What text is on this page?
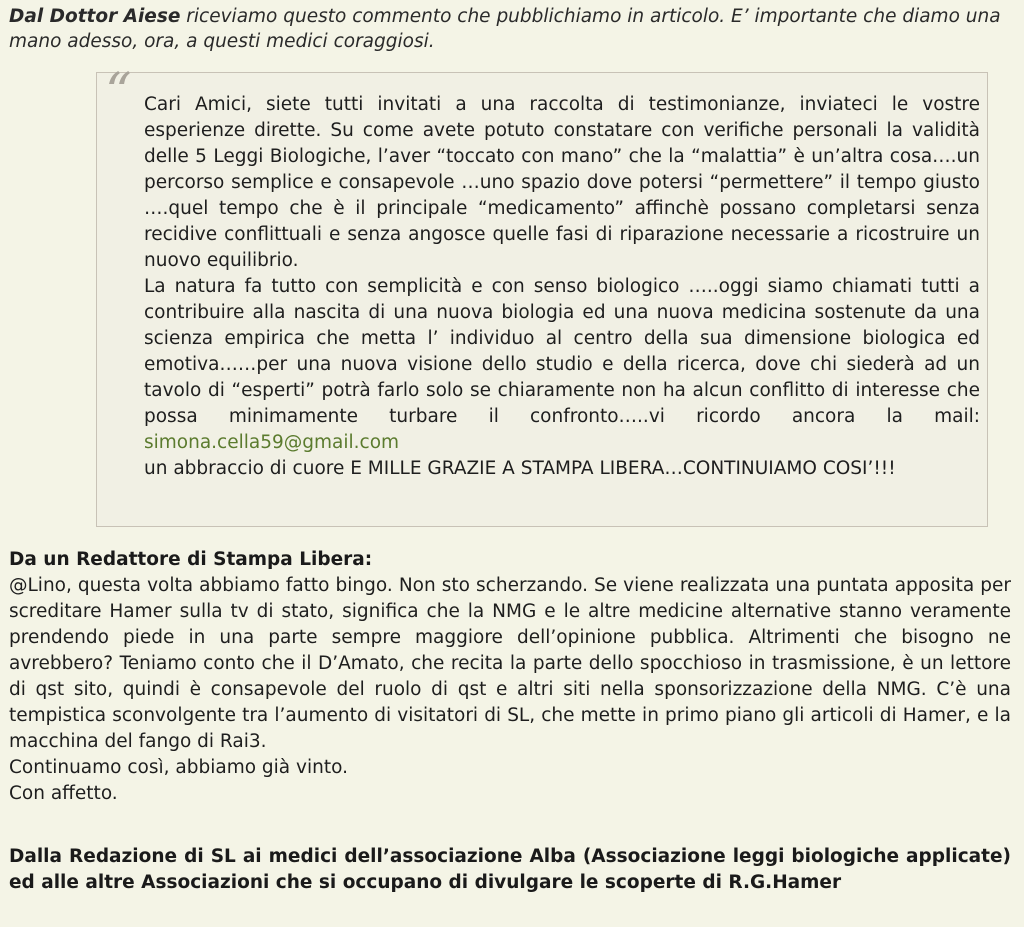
Dal Dottor Aiese riceviamo questo commento che pubblichiamo in articolo. E’ importante che diamo una mano adesso, ora, a questi medici coraggiosi.
“ Cari Amici, siete tutti invitati a una raccolta di testimonianze, inviateci le vostre esperienze dirette. Su come avete potuto constatare con verifiche personali la validità delle 5 Leggi Biologiche, l’aver “toccato con mano” che la “malattia” è un’altra cosa….un percorso semplice e consapevole …uno spazio dove potersi “permettere” il tempo giusto ….quel tempo che è il principale “medicamento” affinchè possano completarsi senza recidive conflittuali e senza angosce quelle fasi di riparazione necessarie a ricostruire un nuovo equilibrio.

La natura fa tutto con semplicità e con senso biologico …..oggi siamo chiamati tutti a contribuire alla nascita di una nuova biologia ed una nuova medicina sostenute da una scienza empirica che metta l’ individuo al centro della sua dimensione biologica ed emotiva……per una nuova visione dello studio e della ricerca, dove chi siederà ad un tavolo di “esperti” potrà farlo solo se chiaramente non ha alcun conflitto di interesse che possa minimamente turbare il confronto…..vi ricordo ancora la mail: simona.cella59@gmail.com

un abbraccio di cuore E MILLE GRAZIE A STAMPA LIBERA…CONTINUIAMO COSI’!!!

Da un Redattore di Stampa Libera:

@Lino, questa volta abbiamo fatto bingo. Non sto scherzando. Se viene realizzata una puntata apposita per screditare Hamer sulla tv di stato, significa che la NMG e le altre medicine alternative stanno veramente prendendo piede in una parte sempre maggiore dell’opinione pubblica. Altrimenti che bisogno ne avrebbero? Teniamo conto che il D’Amato, che recita la parte dello spocchioso in trasmissione, è un lettore di qst sito, quindi è consapevole del ruolo di qst e altri siti nella sponsorizzazione della NMG. C’è una tempistica sconvolgente tra l’aumento di visitatori di SL, che mette in primo piano gli articoli di Hamer, e la macchina del fango di Rai3.

Continuamo così, abbiamo già vinto.

Con affetto.

Dalla Redazione di SL ai medici dell’associazione Alba (Associazione leggi biologiche applicate) ed alle altre Associazioni che si occupano di divulgare le scoperte di R.G.Hamer
